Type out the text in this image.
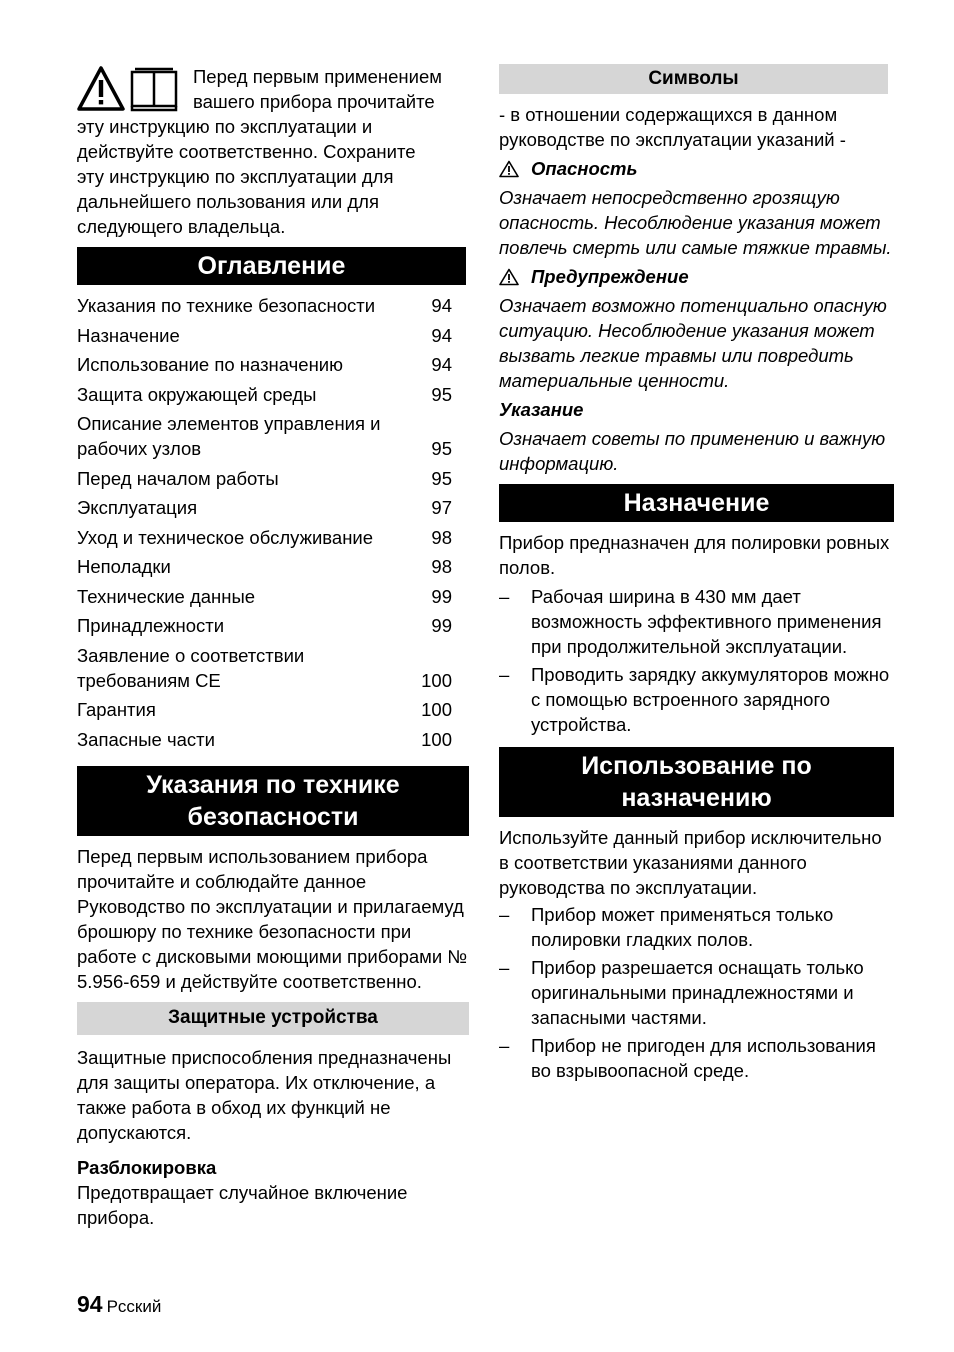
Перед первым применением
вашего прибора прочитайте
эту инструкцию по эксплуатации и
действуйте соответственно. Сохраните
эту инструкцию по эксплуатации для
дальнейшего пользования или для
следующего владельца.
Оглавление
Указания по технике безопасности	94
Назначение	94
Использование по назначению	94
Защита окружающей среды	95
Описание элементов управления и рабочих узлов	95
Перед началом работы	95
Эксплуатация	97
Уход и техническое обслуживание	98
Неполадки	98
Технические данные	99
Принадлежности	99
Заявление о соответствии требованиям CE	100
Гарантия	100
Запасные части	100
Указания по технике безопасности

Перед первым использованием прибора прочитайте и соблюдайте данное Руководство по эксплуатации и прилагаемуд брошюру по технике безопасности при работе с дисковыми моющими приборами № 5.956-659 и действуйте соответственно.

Защитные устройства

Защитные приспособления предназначены для защиты оператора. Их отключение, а также работа в обход их функций не допускаются.

Разблокировка

Предотвращает случайное включение прибора.

Символы

- в отношении содержащихся в данном руководстве по эксплуатации указаний -

Опасность

Означает непосредственно грозящую опасность. Несоблюдение указания может повлечь смерть или самые тяжкие травмы.

Предупреждение

Означает возможно потенциально опасную ситуацию. Несоблюдение указания может вызвать легкие травмы или повредить материальные ценности.

Указание

Означает советы по применению и важную информацию.

Назначение

Прибор предназначен для полировки ровных полов.

–	Рабочая ширина в 430 мм дает возможность эффективного применения при продолжительной эксплуатации.
–	Проводить зарядку аккумуляторов можно с помощью встроенного зарядного устройства.
Использование по назначению

Используйте данный прибор исключительно в соответствии указаниями данного руководства по эксплуатации.

–	Прибор может применяться только полировки гладких полов.
–	Прибор разрешается оснащать только оригинальными принадлежностями и запасными частями.
–	Прибор не пригоден для использования во взрывоопасной среде.
94 Рсский
